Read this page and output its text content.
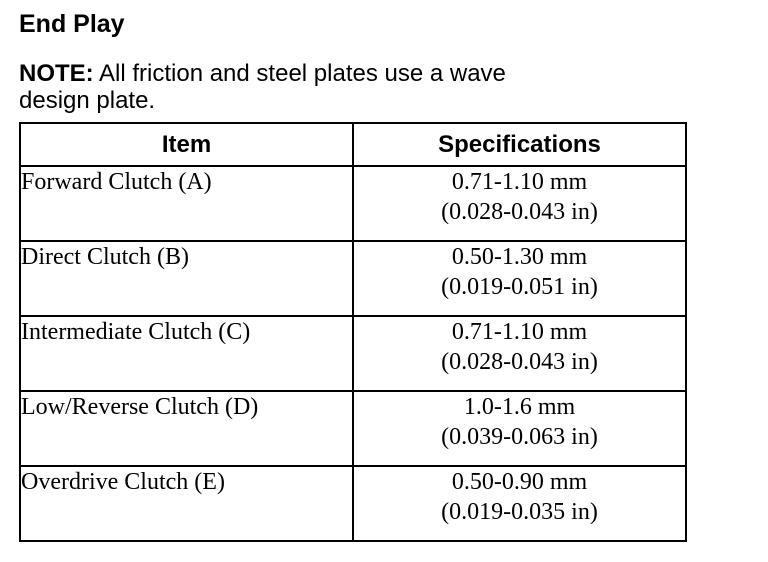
End Play

NOTE: All friction and steel plates use a wave
design plate.

Item	Specifications
Forward Clutch (A)	0.71-1.10 mm
(0.028-0.043 in)

Direct Clutch (B)	0.50-1.30 mm
(0.019-0.051 in)

Intermediate Clutch (C)	0.71-1.10 mm
(0.028-0.043 in)

Low/Reverse Clutch (D)	1.0-1.6 mm
(0.039-0.063 in)

Overdrive Clutch (E)	0.50-0.90 mm
(0.019-0.035 in)
